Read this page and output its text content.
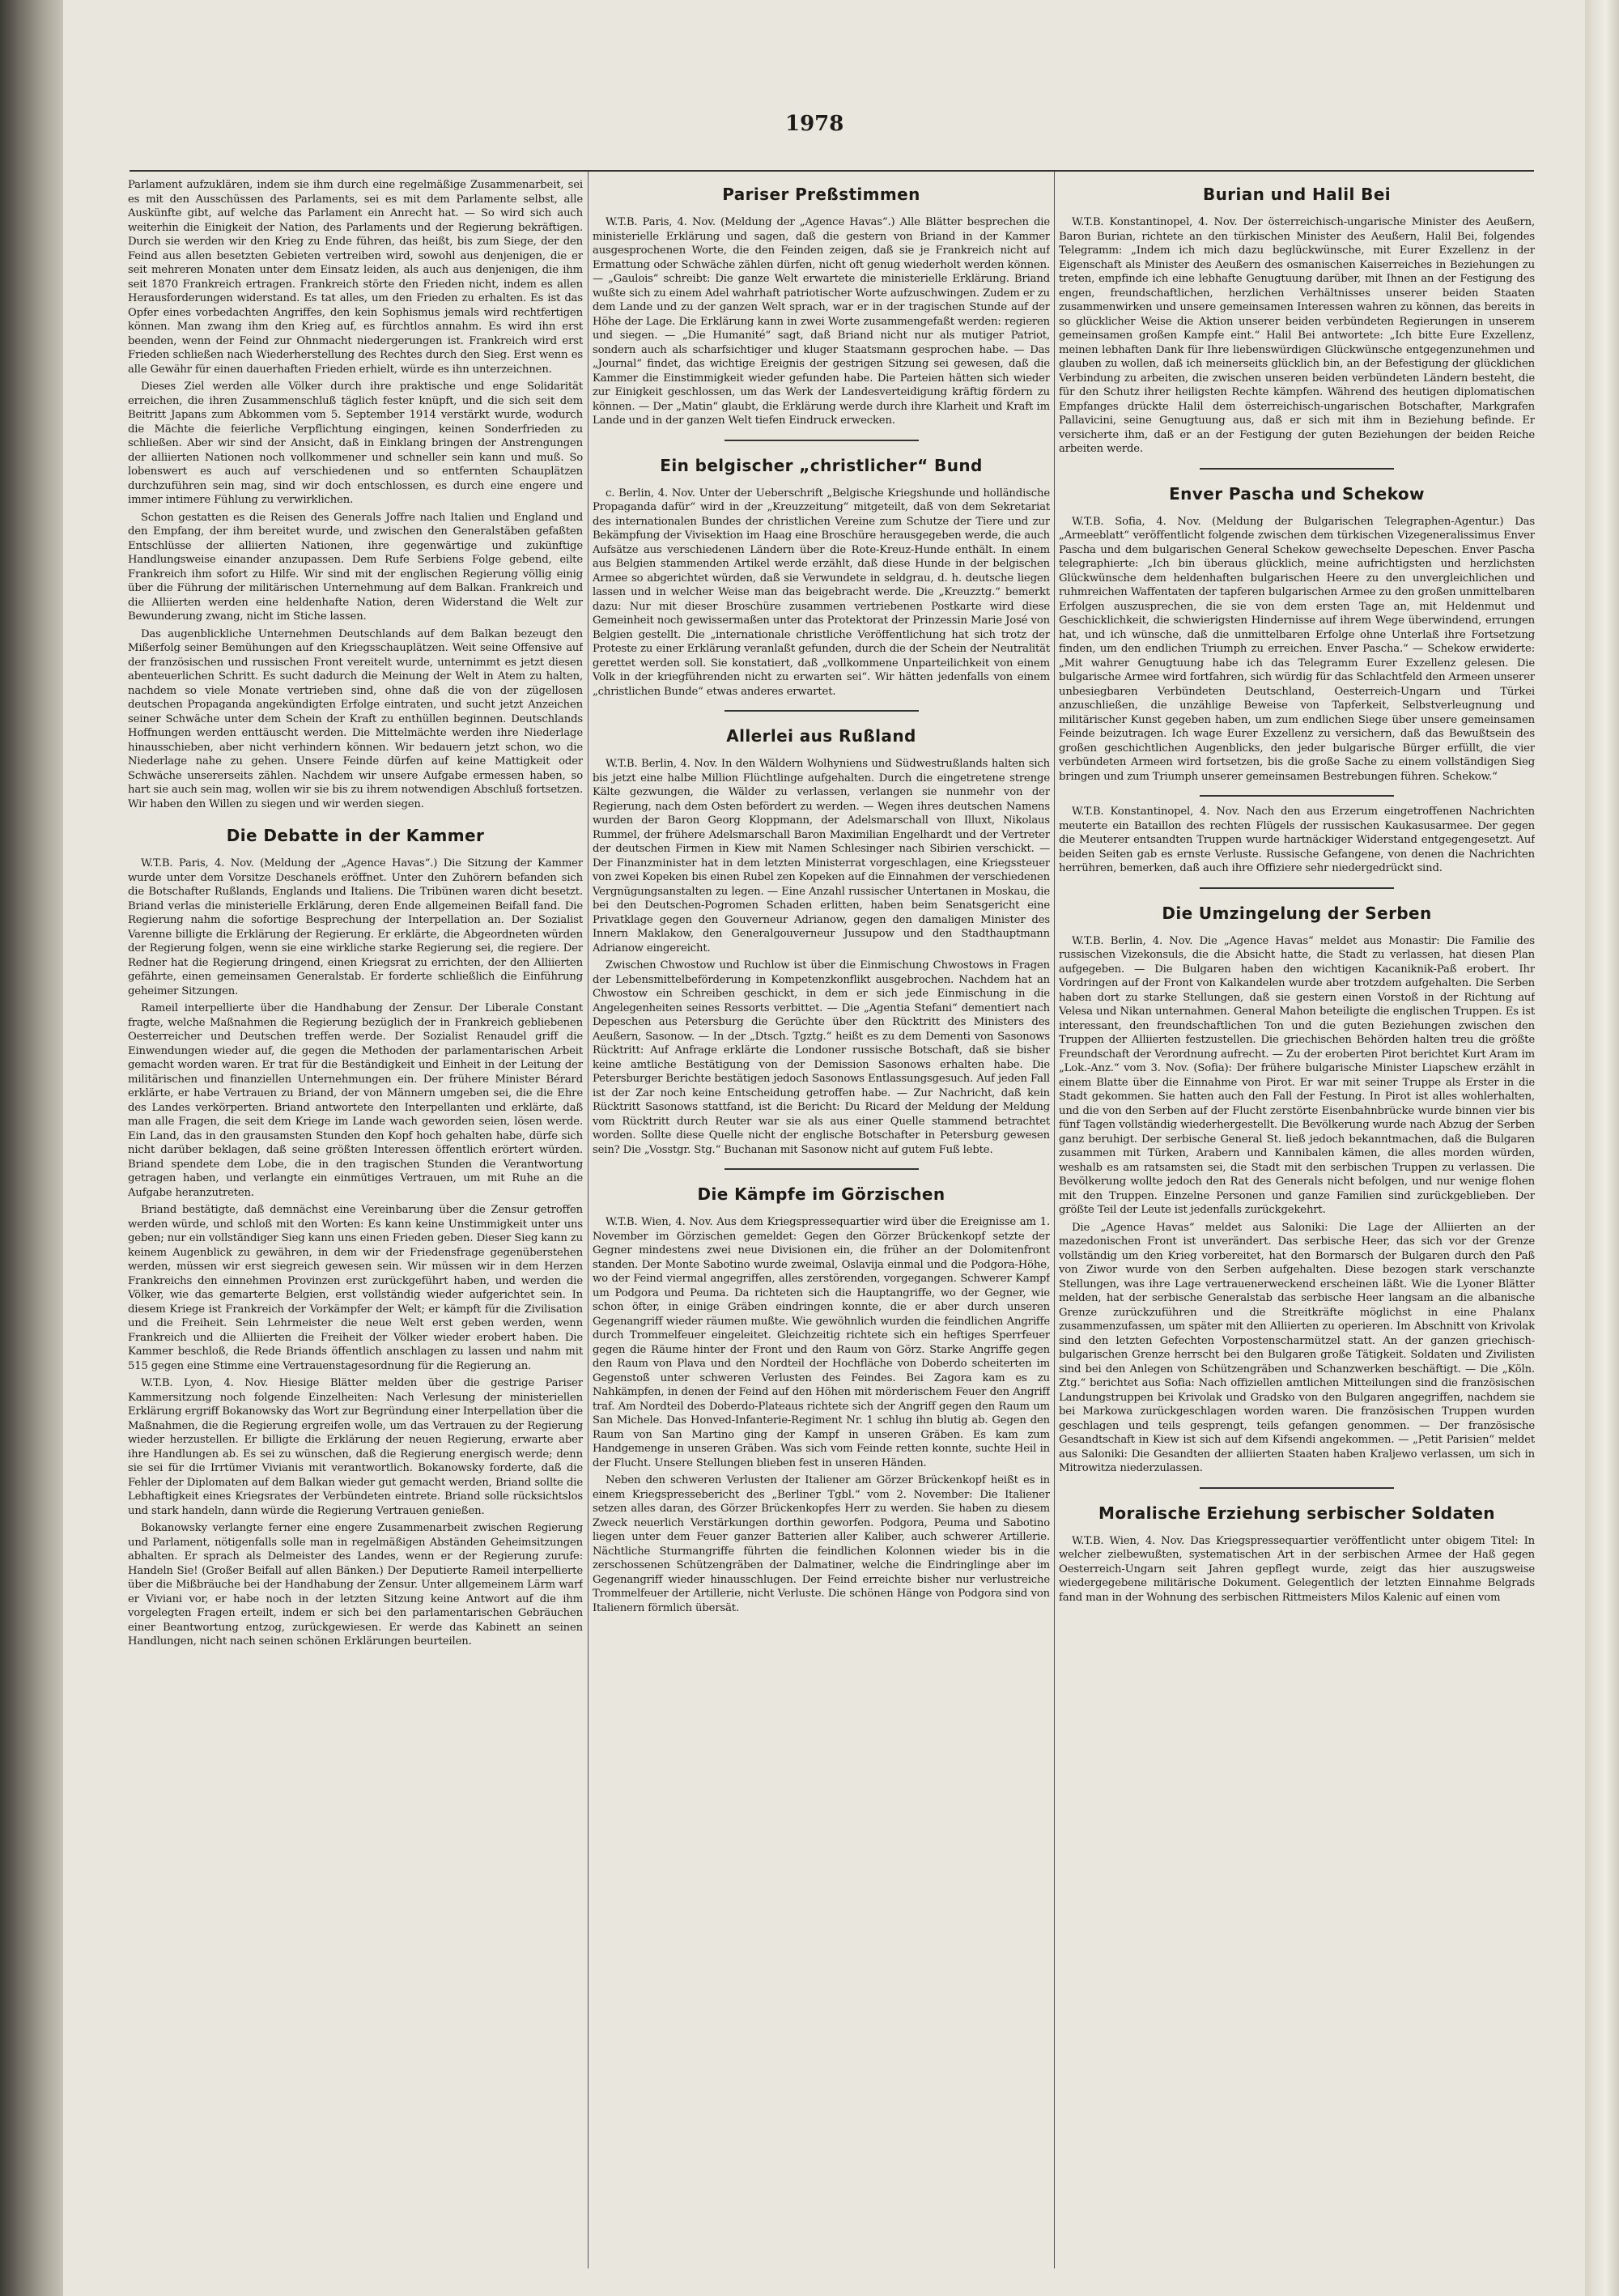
1978

Parlament aufzuklären, indem sie ihm durch eine regelmäßige Zusammenarbeit, sei es mit den Ausschüssen des Parlaments, sei es mit dem Parlamente selbst, alle Auskünfte gibt, auf welche das Parlament ein Anrecht hat. — So wird sich auch weiterhin die Einigkeit der Nation, des Parlaments und der Regierung bekräftigen. Durch sie werden wir den Krieg zu Ende führen, das heißt, bis zum Siege, der den Feind aus allen besetzten Gebieten vertreiben wird, sowohl aus denjenigen, die er seit mehreren Monaten unter dem Einsatz leiden, als auch aus denjenigen, die ihm seit 1870 Frankreich ertragen. Frankreich störte den Frieden nicht, indem es allen Herausforderungen widerstand. Es tat alles, um den Frieden zu erhalten. Es ist das Opfer eines vorbedachten Angriffes, den kein Sophismus jemals wird rechtfertigen können. Man zwang ihm den Krieg auf, es fürchtlos annahm. Es wird ihn erst beenden, wenn der Feind zur Ohnmacht niedergerungen ist. Frankreich wird erst Frieden schließen nach Wiederherstellung des Rechtes durch den Sieg. Erst wenn es alle Gewähr für einen dauerhaften Frieden erhielt, würde es ihn unterzeichnen.

Dieses Ziel werden alle Völker durch ihre praktische und enge Solidarität erreichen, die ihren Zusammenschluß täglich fester knüpft, und die sich seit dem Beitritt Japans zum Abkommen vom 5. September 1914 verstärkt wurde, wodurch die Mächte die feierliche Verpflichtung eingingen, keinen Sonderfrieden zu schließen. Aber wir sind der Ansicht, daß in Einklang bringen der Anstrengungen der alliierten Nationen noch vollkommener und schneller sein kann und muß. So lobenswert es auch auf verschiedenen und so entfernten Schauplätzen durchzuführen sein mag, sind wir doch entschlossen, es durch eine engere und immer intimere Fühlung zu verwirklichen.

Schon gestatten es die Reisen des Generals Joffre nach Italien und England und den Empfang, der ihm bereitet wurde, und zwischen den Generalstäben gefaßten Entschlüsse der alliierten Nationen, ihre gegenwärtige und zukünftige Handlungsweise einander anzupassen. Dem Rufe Serbiens Folge gebend, eilte Frankreich ihm sofort zu Hilfe. Wir sind mit der englischen Regierung völlig einig über die Führung der militärischen Unternehmung auf dem Balkan. Frankreich und die Alliierten werden eine heldenhafte Nation, deren Widerstand die Welt zur Bewunderung zwang, nicht im Stiche lassen.

Das augenblickliche Unternehmen Deutschlands auf dem Balkan bezeugt den Mißerfolg seiner Bemühungen auf den Kriegsschauplätzen. Weit seine Offensive auf der französischen und russischen Front vereitelt wurde, unternimmt es jetzt diesen abenteuerlichen Schritt. Es sucht dadurch die Meinung der Welt in Atem zu halten, nachdem so viele Monate vertrieben sind, ohne daß die von der zügellosen deutschen Propaganda angekündigten Erfolge eintraten, und sucht jetzt Anzeichen seiner Schwäche unter dem Schein der Kraft zu enthüllen beginnen. Deutschlands Hoffnungen werden enttäuscht werden. Die Mittelmächte werden ihre Niederlage hinausschieben, aber nicht verhindern können. Wir bedauern jetzt schon, wo die Niederlage nahe zu gehen. Unsere Feinde dürfen auf keine Mattigkeit oder Schwäche unsererseits zählen. Nachdem wir unsere Aufgabe ermessen haben, so hart sie auch sein mag, wollen wir sie bis zu ihrem notwendigen Abschluß fortsetzen. Wir haben den Willen zu siegen und wir werden siegen.

Die Debatte in der Kammer

W.T.B. Paris, 4. Nov. (Meldung der „Agence Havas“.) Die Sitzung der Kammer wurde unter dem Vorsitze Deschanels eröffnet. Unter den Zuhörern befanden sich die Botschafter Rußlands, Englands und Italiens. Die Tribünen waren dicht besetzt. Briand verlas die ministerielle Erklärung, deren Ende allgemeinen Beifall fand. Die Regierung nahm die sofortige Besprechung der Interpellation an. Der Sozialist Varenne billigte die Erklärung der Regierung. Er erklärte, die Abgeordneten würden der Regierung folgen, wenn sie eine wirkliche starke Regierung sei, die regiere. Der Redner hat die Regierung dringend, einen Kriegsrat zu errichten, der den Alliierten gefährte, einen gemeinsamen Generalstab. Er forderte schließlich die Einführung geheimer Sitzungen.

Rameil interpellierte über die Handhabung der Zensur. Der Liberale Constant fragte, welche Maßnahmen die Regierung bezüglich der in Frankreich gebliebenen Oesterreicher und Deutschen treffen werde. Der Sozialist Renaudel griff die Einwendungen wieder auf, die gegen die Methoden der parlamentarischen Arbeit gemacht worden waren. Er trat für die Beständigkeit und Einheit in der Leitung der militärischen und finanziellen Unternehmungen ein. Der frühere Minister Bérard erklärte, er habe Vertrauen zu Briand, der von Männern umgeben sei, die die Ehre des Landes verkörperten. Briand antwortete den Interpellanten und erklärte, daß man alle Fragen, die seit dem Kriege im Lande wach geworden seien, lösen werde. Ein Land, das in den grausamsten Stunden den Kopf hoch gehalten habe, dürfe sich nicht darüber beklagen, daß seine größten Interessen öffentlich erörtert würden. Briand spendete dem Lobe, die in den tragischen Stunden die Verantwortung getragen haben, und verlangte ein einmütiges Vertrauen, um mit Ruhe an die Aufgabe heranzutreten.

Briand bestätigte, daß demnächst eine Vereinbarung über die Zensur getroffen werden würde, und schloß mit den Worten: Es kann keine Unstimmigkeit unter uns geben; nur ein vollständiger Sieg kann uns einen Frieden geben. Dieser Sieg kann zu keinem Augenblick zu gewähren, in dem wir der Friedensfrage gegenüberstehen werden, müssen wir erst siegreich gewesen sein. Wir müssen wir in dem Herzen Frankreichs den einnehmen Provinzen erst zurückgeführt haben, und werden die Völker, wie das gemarterte Belgien, erst vollständig wieder aufgerichtet sein. In diesem Kriege ist Frankreich der Vorkämpfer der Welt; er kämpft für die Zivilisation und die Freiheit. Sein Lehrmeister die neue Welt erst geben werden, wenn Frankreich und die Alliierten die Freiheit der Völker wieder erobert haben. Die Kammer beschloß, die Rede Briands öffentlich anschlagen zu lassen und nahm mit 515 gegen eine Stimme eine Vertrauenstagesordnung für die Regierung an.

W.T.B. Lyon, 4. Nov. Hiesige Blätter melden über die gestrige Pariser Kammersitzung noch folgende Einzelheiten: Nach Verlesung der ministeriellen Erklärung ergriff Bokanowsky das Wort zur Begründung einer Interpellation über die Maßnahmen, die die Regierung ergreifen wolle, um das Vertrauen zu der Regierung wieder herzustellen. Er billigte die Erklärung der neuen Regierung, erwarte aber ihre Handlungen ab. Es sei zu wünschen, daß die Regierung energisch werde; denn sie sei für die Irrtümer Vivianis mit verantwortlich. Bokanowsky forderte, daß die Fehler der Diplomaten auf dem Balkan wieder gut gemacht werden, Briand sollte die Lebhaftigkeit eines Kriegsrates der Verbündeten eintrete. Briand solle rücksichtslos und stark handeln, dann würde die Regierung Vertrauen genießen.

Bokanowsky verlangte ferner eine engere Zusammenarbeit zwischen Regierung und Parlament, nötigenfalls solle man in regelmäßigen Abständen Geheimsitzungen abhalten. Er sprach als Delmeister des Landes, wenn er der Regierung zurufe: Handeln Sie! (Großer Beifall auf allen Bänken.) Der Deputierte Rameil interpellierte über die Mißbräuche bei der Handhabung der Zensur. Unter allgemeinem Lärm warf er Viviani vor, er habe noch in der letzten Sitzung keine Antwort auf die ihm vorgelegten Fragen erteilt, indem er sich bei den parlamentarischen Gebräuchen einer Beantwortung entzog, zurückgewiesen. Er werde das Kabinett an seinen Handlungen, nicht nach seinen schönen Erklärungen beurteilen.

Pariser Preßstimmen

W.T.B. Paris, 4. Nov. (Meldung der „Agence Havas“.) Alle Blätter besprechen die ministerielle Erklärung und sagen, daß die gestern von Briand in der Kammer ausgesprochenen Worte, die den Feinden zeigen, daß sie je Frankreich nicht auf Ermattung oder Schwäche zählen dürfen, nicht oft genug wiederholt werden können. — „Gaulois“ schreibt: Die ganze Welt erwartete die ministerielle Erklärung. Briand wußte sich zu einem Adel wahrhaft patriotischer Worte aufzuschwingen. Zudem er zu dem Lande und zu der ganzen Welt sprach, war er in der tragischen Stunde auf der Höhe der Lage. Die Erklärung kann in zwei Worte zusammengefaßt werden: regieren und siegen. — „Die Humanité“ sagt, daß Briand nicht nur als mutiger Patriot, sondern auch als scharfsichtiger und kluger Staatsmann gesprochen habe. — Das „Journal“ findet, das wichtige Ereignis der gestrigen Sitzung sei gewesen, daß die Kammer die Einstimmigkeit wieder gefunden habe. Die Parteien hätten sich wieder zur Einigkeit geschlossen, um das Werk der Landesverteidigung kräftig fördern zu können. — Der „Matin“ glaubt, die Erklärung werde durch ihre Klarheit und Kraft im Lande und in der ganzen Welt tiefen Eindruck erwecken.

Ein belgischer „christlicher“ Bund

c. Berlin, 4. Nov. Unter der Ueberschrift „Belgische Kriegshunde und holländische Propaganda dafür“ wird in der „Kreuzzeitung“ mitgeteilt, daß von dem Sekretariat des internationalen Bundes der christlichen Vereine zum Schutze der Tiere und zur Bekämpfung der Vivisektion im Haag eine Broschüre herausgegeben werde, die auch Aufsätze aus verschiedenen Ländern über die Rote-Kreuz-Hunde enthält. In einem aus Belgien stammenden Artikel werde erzählt, daß diese Hunde in der belgischen Armee so abgerichtet würden, daß sie Verwundete in seldgrau, d. h. deutsche liegen lassen und in welcher Weise man das beigebracht werde. Die „Kreuzztg.“ bemerkt dazu: Nur mit dieser Broschüre zusammen vertriebenen Postkarte wird diese Gemeinheit noch gewissermaßen unter das Protektorat der Prinzessin Marie José von Belgien gestellt. Die „internationale christliche Veröffentlichung hat sich trotz der Proteste zu einer Erklärung veranlaßt gefunden, durch die der Schein der Neutralität gerettet werden soll. Sie konstatiert, daß „vollkommene Unparteilichkeit von einem Volk in der kriegführenden nicht zu erwarten sei“. Wir hätten jedenfalls von einem „christlichen Bunde“ etwas anderes erwartet.

Allerlei aus Rußland

W.T.B. Berlin, 4. Nov. In den Wäldern Wolhyniens und Südwestrußlands halten sich bis jetzt eine halbe Million Flüchtlinge aufgehalten. Durch die eingetretene strenge Kälte gezwungen, die Wälder zu verlassen, verlangen sie nunmehr von der Regierung, nach dem Osten befördert zu werden. — Wegen ihres deutschen Namens wurden der Baron Georg Kloppmann, der Adelsmarschall von Illuxt, Nikolaus Rummel, der frühere Adelsmarschall Baron Maximilian Engelhardt und der Vertreter der deutschen Firmen in Kiew mit Namen Schlesinger nach Sibirien verschickt. — Der Finanzminister hat in dem letzten Ministerrat vorgeschlagen, eine Kriegssteuer von zwei Kopeken bis einen Rubel zen Kopeken auf die Einnahmen der verschiedenen Vergnügungsanstalten zu legen. — Eine Anzahl russischer Untertanen in Moskau, die bei den Deutschen-Pogromen Schaden erlitten, haben beim Senatsgericht eine Privatklage gegen den Gouverneur Adrianow, gegen den damaligen Minister des Innern Maklakow, den Generalgouverneur Jussupow und den Stadthauptmann Adrianow eingereicht.

Zwischen Chwostow und Ruchlow ist über die Einmischung Chwostows in Fragen der Lebensmittelbeförderung in Kompetenzkonflikt ausgebrochen. Nachdem hat an Chwostow ein Schreiben geschickt, in dem er sich jede Einmischung in die Angelegenheiten seines Ressorts verbittet. — Die „Agentia Stefani“ dementiert nach Depeschen aus Petersburg die Gerüchte über den Rücktritt des Ministers des Aeußern, Sasonow. — In der „Dtsch. Tgztg.“ heißt es zu dem Dementi von Sasonows Rücktritt: Auf Anfrage erklärte die Londoner russische Botschaft, daß sie bisher keine amtliche Bestätigung von der Demission Sasonows erhalten habe. Die Petersburger Berichte bestätigen jedoch Sasonows Entlassungsgesuch. Auf jeden Fall ist der Zar noch keine Entscheidung getroffen habe. — Zur Nachricht, daß kein Rücktritt Sasonows stattfand, ist die Bericht: Du Ricard der Meldung der Meldung vom Rücktritt durch Reuter war sie als aus einer Quelle stammend betrachtet worden. Sollte diese Quelle nicht der englische Botschafter in Petersburg gewesen sein? Die „Vosstgr. Stg.“ Buchanan mit Sasonow nicht auf gutem Fuß lebte.

Die Kämpfe im Görzischen

W.T.B. Wien, 4. Nov. Aus dem Kriegspressequartier wird über die Ereignisse am 1. November im Görzischen gemeldet: Gegen den Görzer Brückenkopf setzte der Gegner mindestens zwei neue Divisionen ein, die früher an der Dolomitenfront standen. Der Monte Sabotino wurde zweimal, Oslavija einmal und die Podgora-Höhe, wo der Feind viermal angegriffen, alles zerstörenden, vorgegangen. Schwerer Kampf um Podgora und Peuma. Da richteten sich die Hauptangriffe, wo der Gegner, wie schon öfter, in einige Gräben eindringen konnte, die er aber durch unseren Gegenangriff wieder räumen mußte. Wie gewöhnlich wurden die feindlichen Angriffe durch Trommelfeuer eingeleitet. Gleichzeitig richtete sich ein heftiges Sperrfeuer gegen die Räume hinter der Front und den Raum von Görz. Starke Angriffe gegen den Raum von Plava und den Nordteil der Hochfläche von Doberdo scheiterten im Gegenstoß unter schweren Verlusten des Feindes. Bei Zagora kam es zu Nahkämpfen, in denen der Feind auf den Höhen mit mörderischem Feuer den Angriff traf. Am Nordteil des Doberdo-Plateaus richtete sich der Angriff gegen den Raum um San Michele. Das Honved-Infanterie-Regiment Nr. 1 schlug ihn blutig ab. Gegen den Raum von San Martino ging der Kampf in unseren Gräben. Es kam zum Handgemenge in unseren Gräben. Was sich vom Feinde retten konnte, suchte Heil in der Flucht. Unsere Stellungen blieben fest in unseren Händen.

Neben den schweren Verlusten der Italiener am Görzer Brückenkopf heißt es in einem Kriegspressebericht des „Berliner Tgbl.“ vom 2. November: Die Italiener setzen alles daran, des Görzer Brückenkopfes Herr zu werden. Sie haben zu diesem Zweck neuerlich Verstärkungen dorthin geworfen. Podgora, Peuma und Sabotino liegen unter dem Feuer ganzer Batterien aller Kaliber, auch schwerer Artillerie. Nächtliche Sturmangriffe führten die feindlichen Kolonnen wieder bis in die zerschossenen Schützengräben der Dalmatiner, welche die Eindringlinge aber im Gegenangriff wieder hinausschlugen. Der Feind erreichte bisher nur verlustreiche Trommelfeuer der Artillerie, nicht Verluste. Die schönen Hänge von Podgora sind von Italienern förmlich übersät.

Burian und Halil Bei

W.T.B. Konstantinopel, 4. Nov. Der österreichisch-ungarische Minister des Aeußern, Baron Burian, richtete an den türkischen Minister des Aeußern, Halil Bei, folgendes Telegramm: „Indem ich mich dazu beglückwünsche, mit Eurer Exzellenz in der Eigenschaft als Minister des Aeußern des osmanischen Kaiserreiches in Beziehungen zu treten, empfinde ich eine lebhafte Genugtuung darüber, mit Ihnen an der Festigung des engen, freundschaftlichen, herzlichen Verhältnisses unserer beiden Staaten zusammenwirken und unsere gemeinsamen Interessen wahren zu können, das bereits in so glücklicher Weise die Aktion unserer beiden verbündeten Regierungen in unserem gemeinsamen großen Kampfe eint.“ Halil Bei antwortete: „Ich bitte Eure Exzellenz, meinen lebhaften Dank für Ihre liebenswürdigen Glückwünsche entgegenzunehmen und glauben zu wollen, daß ich meinerseits glücklich bin, an der Befestigung der glücklichen Verbindung zu arbeiten, die zwischen unseren beiden verbündeten Ländern besteht, die für den Schutz ihrer heiligsten Rechte kämpfen. Während des heutigen diplomatischen Empfanges drückte Halil dem österreichisch-ungarischen Botschafter, Markgrafen Pallavicini, seine Genugtuung aus, daß er sich mit ihm in Beziehung befinde. Er versicherte ihm, daß er an der Festigung der guten Beziehungen der beiden Reiche arbeiten werde.

Enver Pascha und Schekow

W.T.B. Sofia, 4. Nov. (Meldung der Bulgarischen Telegraphen-Agentur.) Das „Armeeblatt“ veröffentlicht folgende zwischen dem türkischen Vizegeneralissimus Enver Pascha und dem bulgarischen General Schekow gewechselte Depeschen. Enver Pascha telegraphierte: „Ich bin überaus glücklich, meine aufrichtigsten und herzlichsten Glückwünsche dem heldenhaften bulgarischen Heere zu den unvergleichlichen und ruhmreichen Waffentaten der tapferen bulgarischen Armee zu den großen unmittelbaren Erfolgen auszusprechen, die sie von dem ersten Tage an, mit Heldenmut und Geschicklichkeit, die schwierigsten Hindernisse auf ihrem Wege überwindend, errungen hat, und ich wünsche, daß die unmittelbaren Erfolge ohne Unterlaß ihre Fortsetzung finden, um den endlichen Triumph zu erreichen. Enver Pascha.“ — Schekow erwiderte: „Mit wahrer Genugtuung habe ich das Telegramm Eurer Exzellenz gelesen. Die bulgarische Armee wird fortfahren, sich würdig für das Schlachtfeld den Armeen unserer unbesiegbaren Verbündeten Deutschland, Oesterreich-Ungarn und Türkei anzuschließen, die unzählige Beweise von Tapferkeit, Selbstverleugnung und militärischer Kunst gegeben haben, um zum endlichen Siege über unsere gemeinsamen Feinde beizutragen. Ich wage Eurer Exzellenz zu versichern, daß das Bewußtsein des großen geschichtlichen Augenblicks, den jeder bulgarische Bürger erfüllt, die vier verbündeten Armeen wird fortsetzen, bis die große Sache zu einem vollständigen Sieg bringen und zum Triumph unserer gemeinsamen Bestrebungen führen. Schekow.“

W.T.B. Konstantinopel, 4. Nov. Nach den aus Erzerum eingetroffenen Nachrichten meuterte ein Bataillon des rechten Flügels der russischen Kaukasusarmee. Der gegen die Meuterer entsandten Truppen wurde hartnäckiger Widerstand entgegengesetzt. Auf beiden Seiten gab es ernste Verluste. Russische Gefangene, von denen die Nachrichten herrühren, bemerken, daß auch ihre Offiziere sehr niedergedrückt sind.

Die Umzingelung der Serben

W.T.B. Berlin, 4. Nov. Die „Agence Havas“ meldet aus Monastir: Die Familie des russischen Vizekonsuls, die die Absicht hatte, die Stadt zu verlassen, hat diesen Plan aufgegeben. — Die Bulgaren haben den wichtigen Kacaniknik-Paß erobert. Ihr Vordringen auf der Front von Kalkandelen wurde aber trotzdem aufgehalten. Die Serben haben dort zu starke Stellungen, daß sie gestern einen Vorstoß in der Richtung auf Velesa und Nikan unternahmen. General Mahon beteiligte die englischen Truppen. Es ist interessant, den freundschaftlichen Ton und die guten Beziehungen zwischen den Truppen der Alliierten festzustellen. Die griechischen Behörden halten treu die größte Freundschaft der Verordnung aufrecht. — Zu der eroberten Pirot berichtet Kurt Aram im „Lok.-Anz.“ vom 3. Nov. (Sofia): Der frühere bulgarische Minister Liapschew erzählt in einem Blatte über die Einnahme von Pirot. Er war mit seiner Truppe als Erster in die Stadt gekommen. Sie hatten auch den Fall der Festung. In Pirot ist alles wohlerhalten, und die von den Serben auf der Flucht zerstörte Eisenbahnbrücke wurde binnen vier bis fünf Tagen vollständig wiederhergestellt. Die Bevölkerung wurde nach Abzug der Serben ganz beruhigt. Der serbische General St. ließ jedoch bekanntmachen, daß die Bulgaren zusammen mit Türken, Arabern und Kannibalen kämen, die alles morden würden, weshalb es am ratsamsten sei, die Stadt mit den serbischen Truppen zu verlassen. Die Bevölkerung wollte jedoch den Rat des Generals nicht befolgen, und nur wenige flohen mit den Truppen. Einzelne Personen und ganze Familien sind zurückgeblieben. Der größte Teil der Leute ist jedenfalls zurückgekehrt.

Die „Agence Havas“ meldet aus Saloniki: Die Lage der Alliierten an der mazedonischen Front ist unverändert. Das serbische Heer, das sich vor der Grenze vollständig um den Krieg vorbereitet, hat den Bormarsch der Bulgaren durch den Paß von Ziwor wurde von den Serben aufgehalten. Diese bezogen stark verschanzte Stellungen, was ihre Lage vertrauenerweckend erscheinen läßt. Wie die Lyoner Blätter melden, hat der serbische Generalstab das serbische Heer langsam an die albanische Grenze zurückzuführen und die Streitkräfte möglichst in eine Phalanx zusammenzufassen, um später mit den Alliierten zu operieren. Im Abschnitt von Krivolak sind den letzten Gefechten Vorpostenscharmützel statt. An der ganzen griechisch-bulgarischen Grenze herrscht bei den Bulgaren große Tätigkeit. Soldaten und Zivilisten sind bei den Anlegen von Schützengräben und Schanzwerken beschäftigt. — Die „Köln. Ztg.“ berichtet aus Sofia: Nach offiziellen amtlichen Mitteilungen sind die französischen Landungstruppen bei Krivolak und Gradsko von den Bulgaren angegriffen, nachdem sie bei Markowa zurückgeschlagen worden waren. Die französischen Truppen wurden geschlagen und teils gesprengt, teils gefangen genommen. — Der französische Gesandtschaft in Kiew ist sich auf dem Kifsendi angekommen. — „Petit Parisien“ meldet aus Saloniki: Die Gesandten der alliierten Staaten haben Kraljewo verlassen, um sich in Mitrowitza niederzulassen.

Moralische Erziehung serbischer Soldaten

W.T.B. Wien, 4. Nov. Das Kriegspressequartier veröffentlicht unter obigem Titel: In welcher zielbewußten, systematischen Art in der serbischen Armee der Haß gegen Oesterreich-Ungarn seit Jahren gepflegt wurde, zeigt das hier auszugsweise wiedergegebene militärische Dokument. Gelegentlich der letzten Einnahme Belgrads fand man in der Wohnung des serbischen Rittmeisters Milos Kalenic auf einen vom
